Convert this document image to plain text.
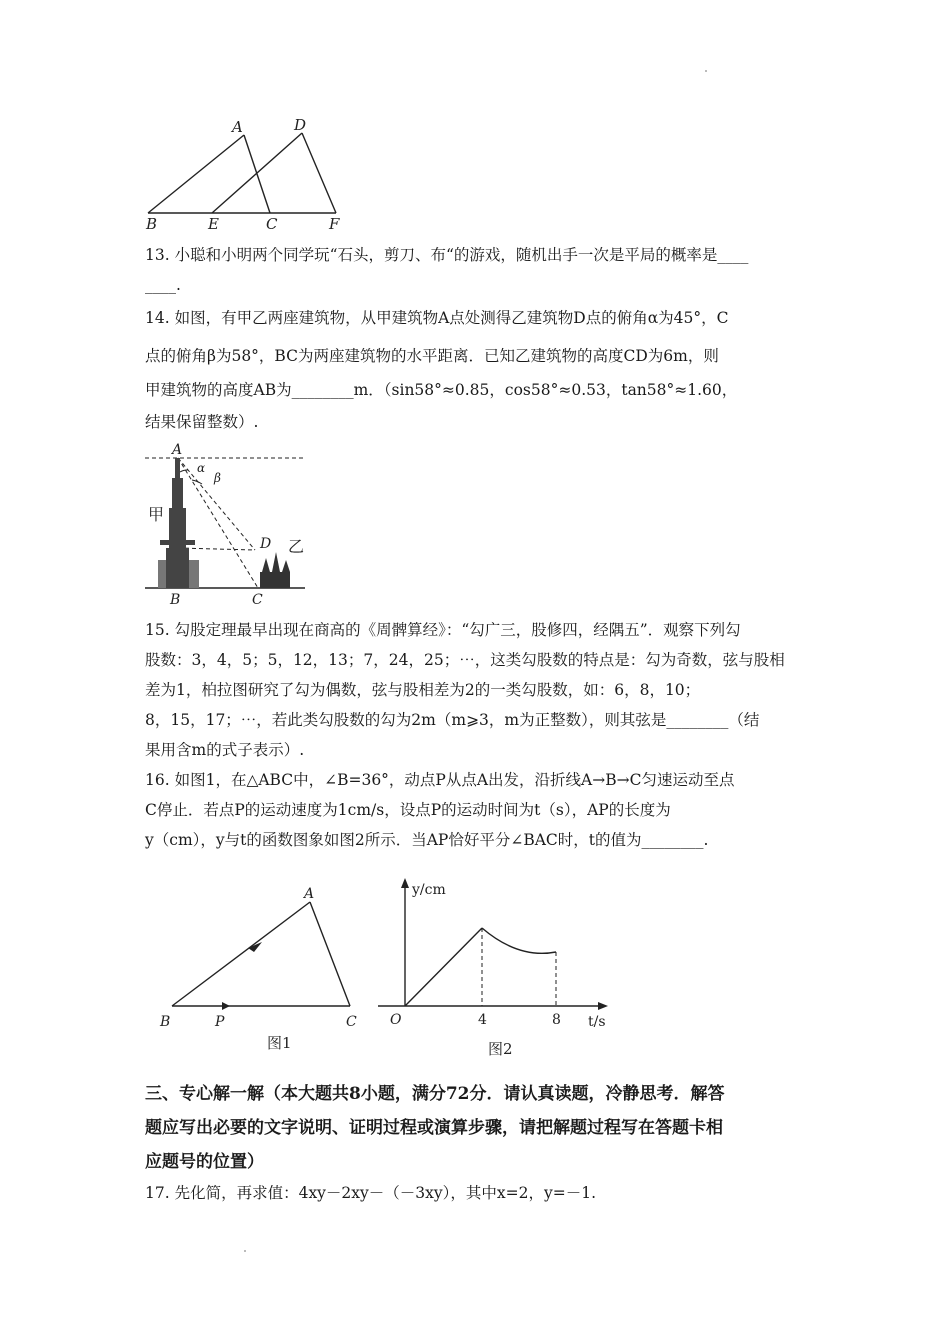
A	D
B	E	C	F
13. 小聪和小明两个同学玩“石头，剪刀、布“的游戏，随机出手一次是平局的概率是____
____.
14. 如图，有甲乙两座建筑物，从甲建筑物A点处测得乙建筑物D点的俯角α为45°，C
点的俯角β为58°，BC为两座建筑物的水平距离．已知乙建筑物的高度CD为6m，则
甲建筑物的高度AB为________m．（sin58°≈0.85，cos58°≈0.53，tan58°≈1.60，
结果保留整数）.
A
α
β
甲
D 乙
B	C
15. 勾股定理最早出现在商高的《周髀算经》：“勾广三，股修四，经隅五”．观察下列勾
股数：3，4，5；5，12，13；7，24，25；⋯，这类勾股数的特点是：勾为奇数，弦与股相
差为1，柏拉图研究了勾为偶数，弦与股相差为2的一类勾股数，如：6，8，10；
8，15，17；⋯，若此类勾股数的勾为2m（m⩾3，m为正整数），则其弦是________（结
果用含m的式子表示）.
16. 如图1，在△ABC中，∠B=36°，动点P从点A出发，沿折线A→B→C匀速运动至点
C停止．若点P的运动速度为1cm/s，设点P的运动时间为t（s），AP的长度为
y（cm），y与t的函数图象如图2所示．当AP恰好平分∠BAC时，t的值为________.
A
B	P	C
图1
y/cm
t/s
O	4	8
图2
三、专心解一解（本大题共8小题，满分72分．请认真读题，冷静思考．解答
题应写出必要的文字说明、证明过程或演算步骤，请把解题过程写在答题卡相
应题号的位置）
17. 先化简，再求值：4xy－2xy－（－3xy），其中x=2，y=－1.
